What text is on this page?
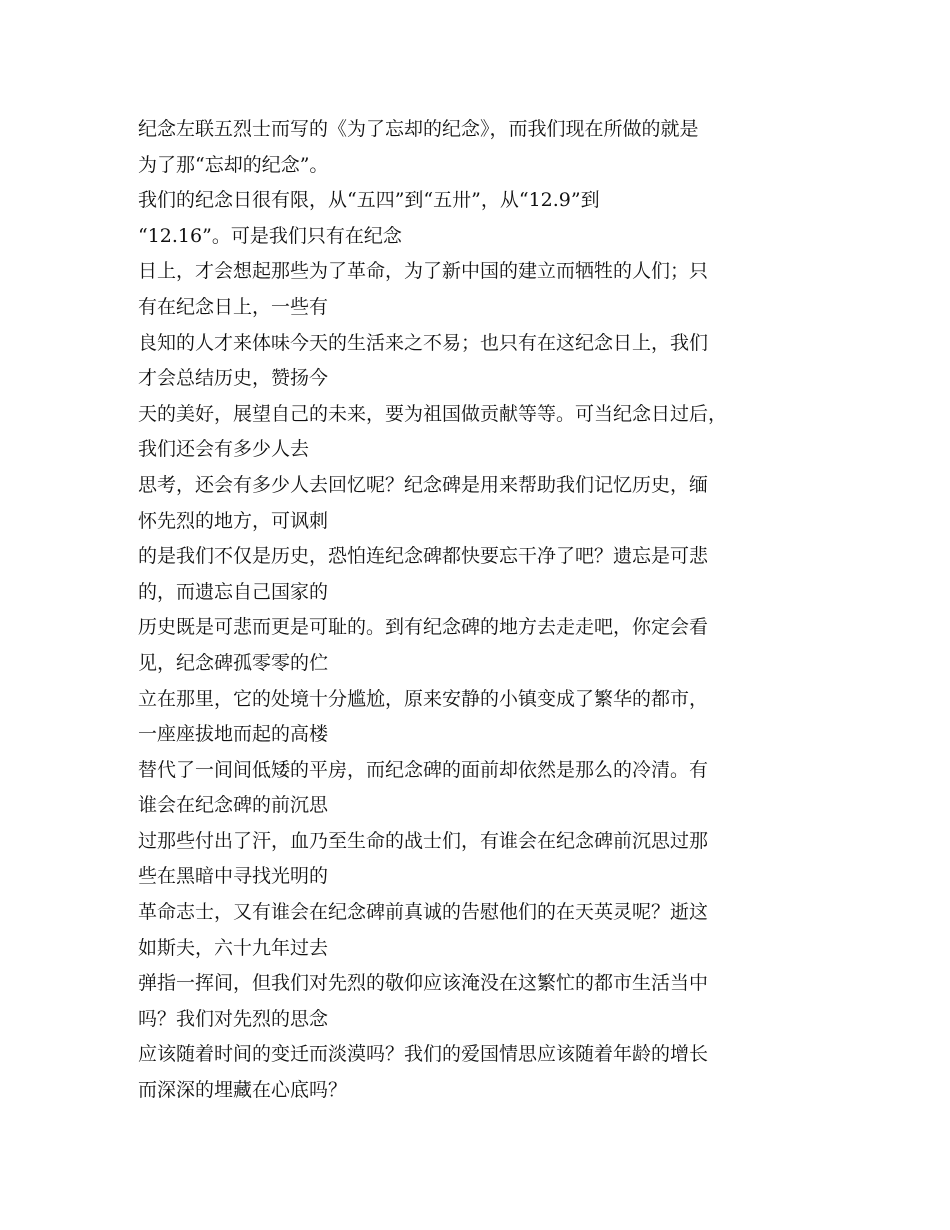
纪念左联五烈士而写的《为了忘却的纪念》，而我们现在所做的就是
为了那“忘却的纪念”。
我们的纪念日很有限，从“五四”到“五卅”，从“12.9”到
“12.16”。可是我们只有在纪念
日上，才会想起那些为了革命，为了新中国的建立而牺牲的人们；只
有在纪念日上，一些有
良知的人才来体味今天的生活来之不易；也只有在这纪念日上，我们
才会总结历史，赞扬今
天的美好，展望自己的未来，要为祖国做贡献等等。可当纪念日过后，
我们还会有多少人去
思考，还会有多少人去回忆呢？纪念碑是用来帮助我们记忆历史，缅
怀先烈的地方，可讽刺
的是我们不仅是历史，恐怕连纪念碑都快要忘干净了吧？遗忘是可悲
的，而遗忘自己国家的
历史既是可悲而更是可耻的。到有纪念碑的地方去走走吧，你定会看
见，纪念碑孤零零的伫
立在那里，它的处境十分尴尬，原来安静的小镇变成了繁华的都市，
一座座拔地而起的高楼
替代了一间间低矮的平房，而纪念碑的面前却依然是那么的冷清。有
谁会在纪念碑的前沉思
过那些付出了汗，血乃至生命的战士们，有谁会在纪念碑前沉思过那
些在黑暗中寻找光明的
革命志士，又有谁会在纪念碑前真诚的告慰他们的在天英灵呢？逝这
如斯夫，六十九年过去
弹指一挥间，但我们对先烈的敬仰应该淹没在这繁忙的都市生活当中
吗？我们对先烈的思念
应该随着时间的变迁而淡漠吗？我们的爱国情思应该随着年龄的增长
而深深的埋藏在心底吗？
